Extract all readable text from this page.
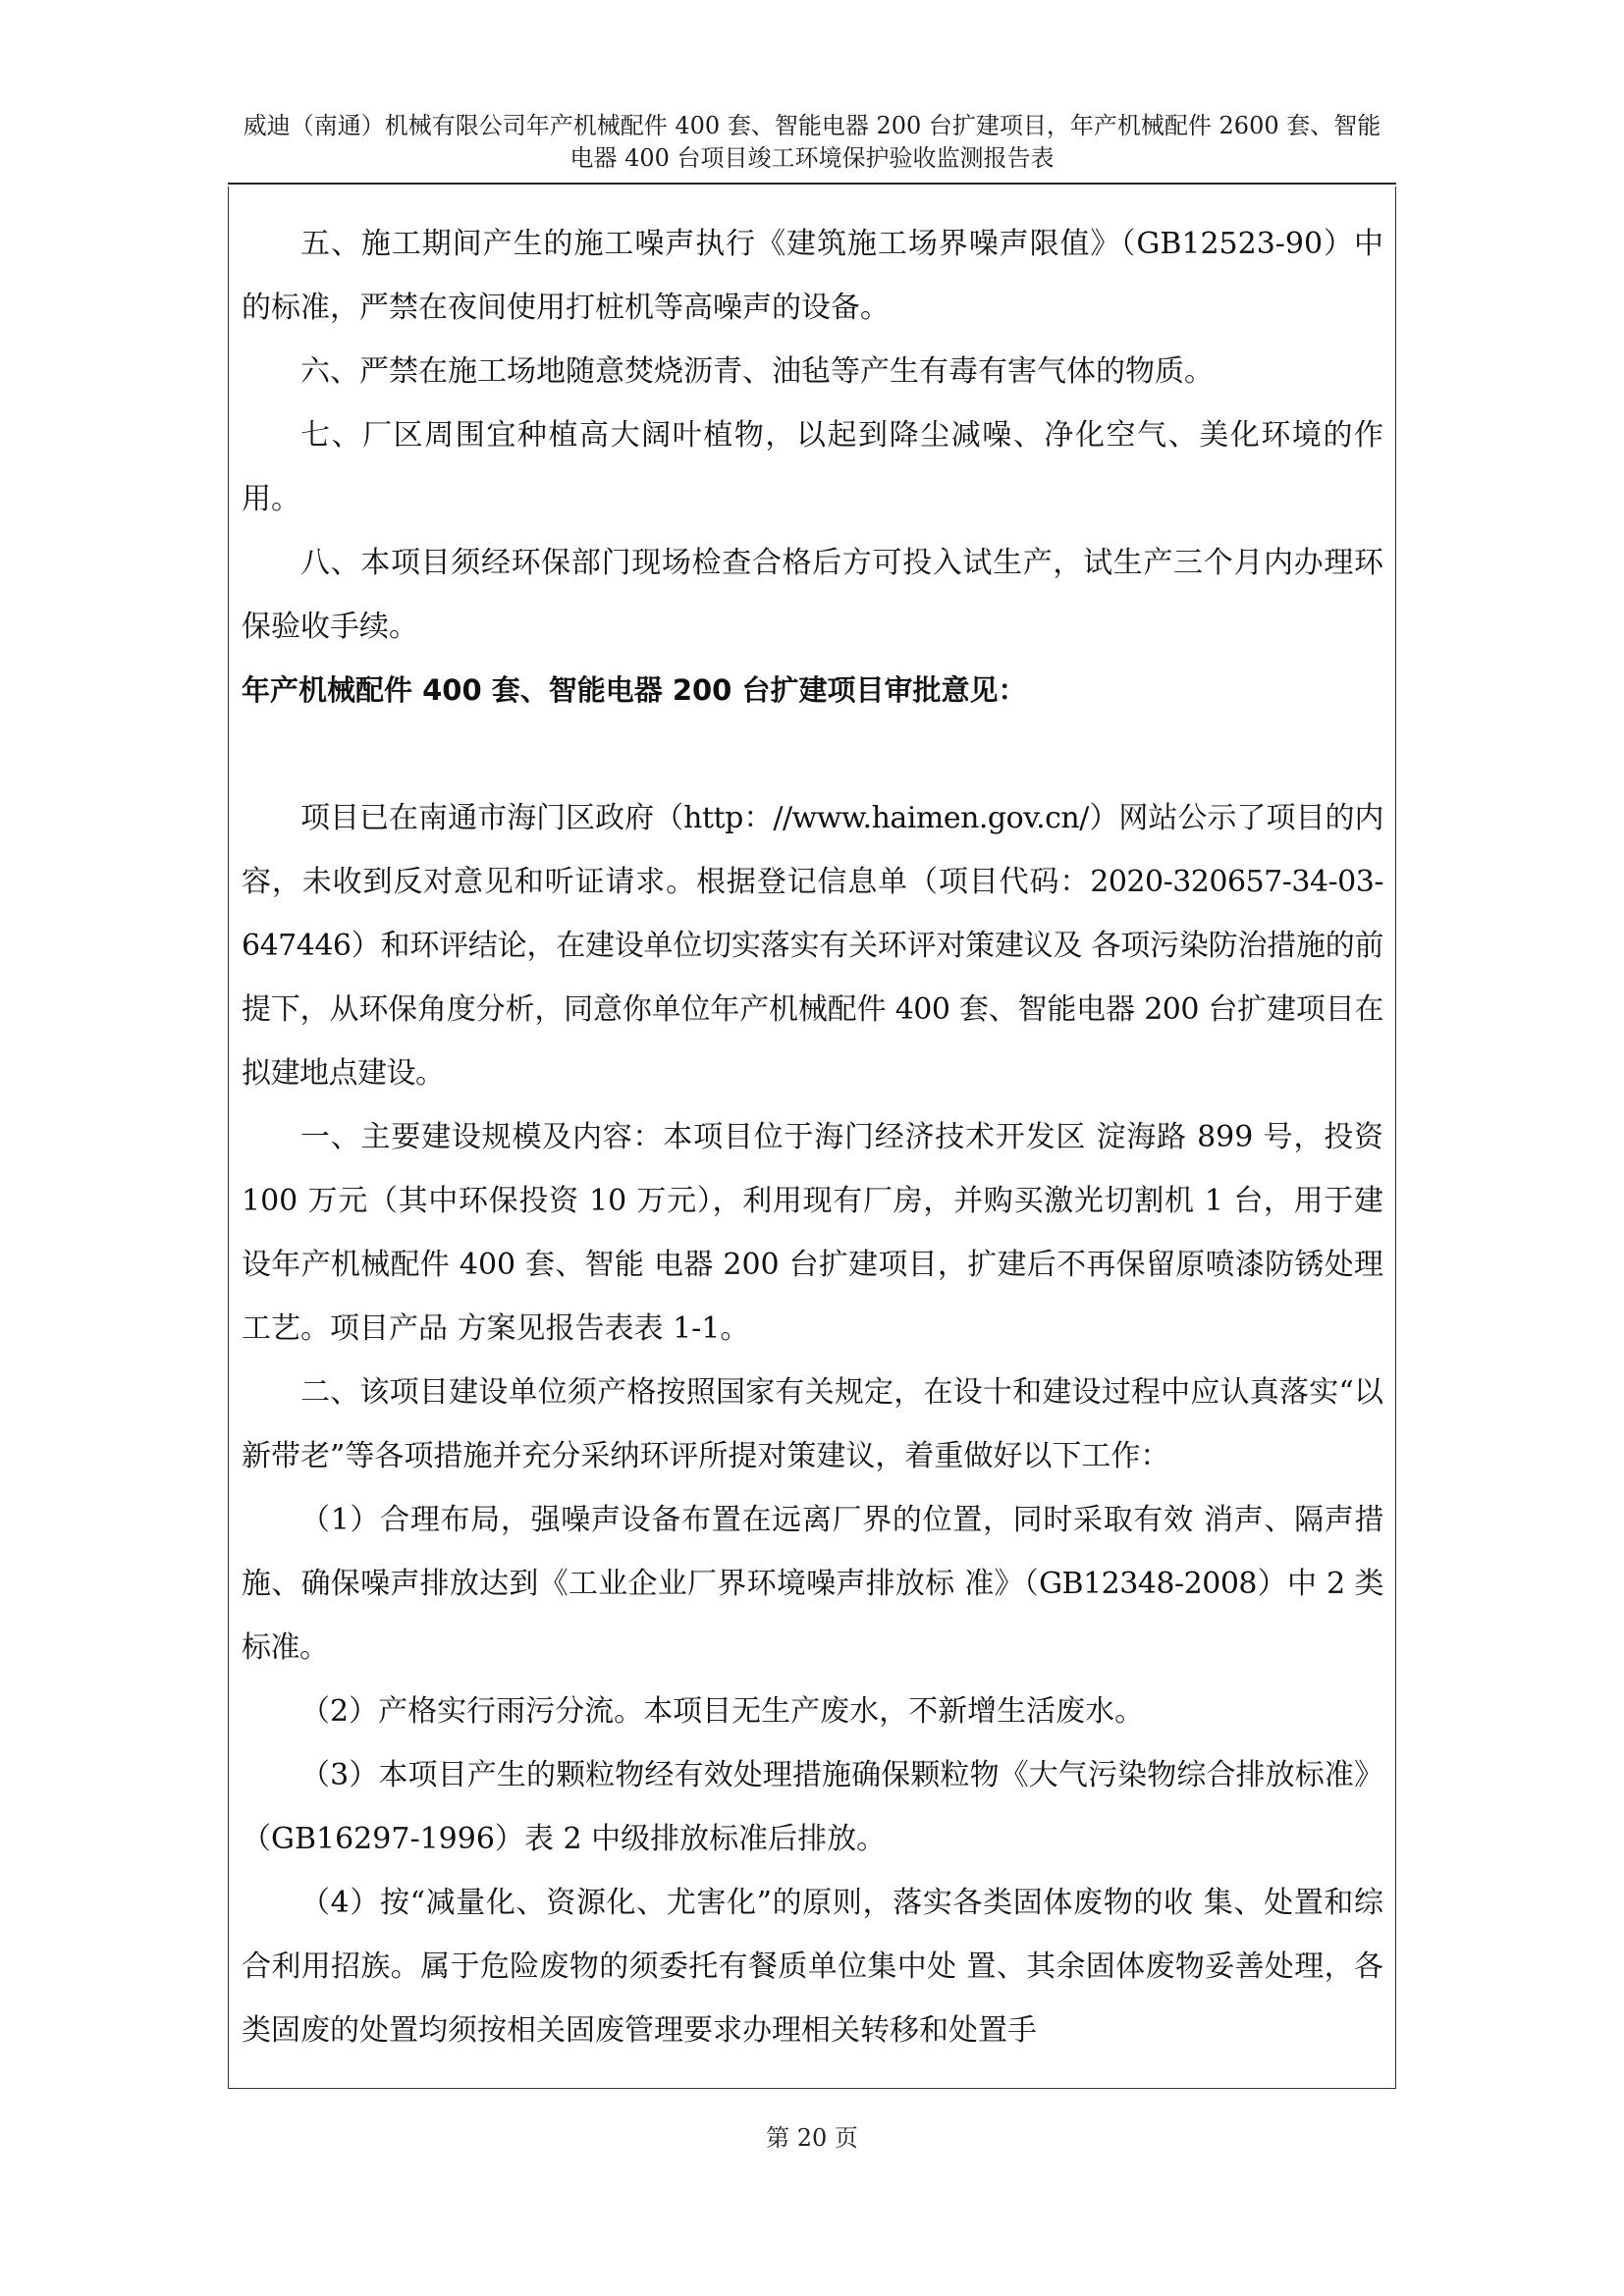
威迪（南通）机械有限公司年产机械配件 400 套、智能电器 200 台扩建项目，年产机械配件 2600 套、智能
电器 400 台项目竣工环境保护验收监测报告表

五、施工期间产生的施工噪声执行《建筑施工场界噪声限值》（GB12523-90）中的标准，严禁在夜间使用打桩机等高噪声的设备。

六、严禁在施工场地随意焚烧沥青、油毡等产生有毒有害气体的物质。

七、厂区周围宜种植高大阔叶植物，以起到降尘减噪、净化空气、美化环境的作用。

八、本项目须经环保部门现场检查合格后方可投入试生产，试生产三个月内办理环保验收手续。

年产机械配件 400 套、智能电器 200 台扩建项目审批意见：

项目已在南通市海门区政府（http：//www.haimen.gov.cn/）网站公示了项目的内容，未收到反对意见和听证请求。根据登记信息单（项目代码：2020-320657-34-03-647446）和环评结论，在建设单位切实落实有关环评对策建议及 各项污染防治措施的前提下，从环保角度分析，同意你单位年产机械配件 400 套、智能电器 200 台扩建项目在拟建地点建设。

一、主要建设规模及内容：本项目位于海门经济技术开发区 淀海路 899 号，投资 100 万元（其中环保投资 10 万元），利用现有厂房，并购买激光切割机 1 台，用于建设年产机械配件 400 套、智能 电器 200 台扩建项目，扩建后不再保留原喷漆防锈处理工艺。项目产品 方案见报告表表 1-1。

二、该项目建设单位须产格按照国家有关规定，在设十和建设过程中应认真落实“以新带老”等各项措施并充分采纳环评所提对策建议，着重做好以下工作：

（1）合理布局，强噪声设备布置在远离厂界的位置，同时采取有效 消声、隔声措施、确保噪声排放达到《工业企业厂界环境噪声排放标 准》（GB12348-2008）中 2 类标准。

（2）产格实行雨污分流。本项目无生产废水，不新增生活废水。

（3）本项目产生的颗粒物经有效处理措施确保颗粒物《大气污染物综合排放标准》（GB16297-1996）表 2 中级排放标准后排放。

（4）按“减量化、资源化、尤害化”的原则，落实各类固体废物的收 集、处置和综合利用招族。属于危险废物的须委托有餐质单位集中处 置、其余固体废物妥善处理，各类固废的处置均须按相关固废管理要求办理相关转移和处置手

第 20 页
